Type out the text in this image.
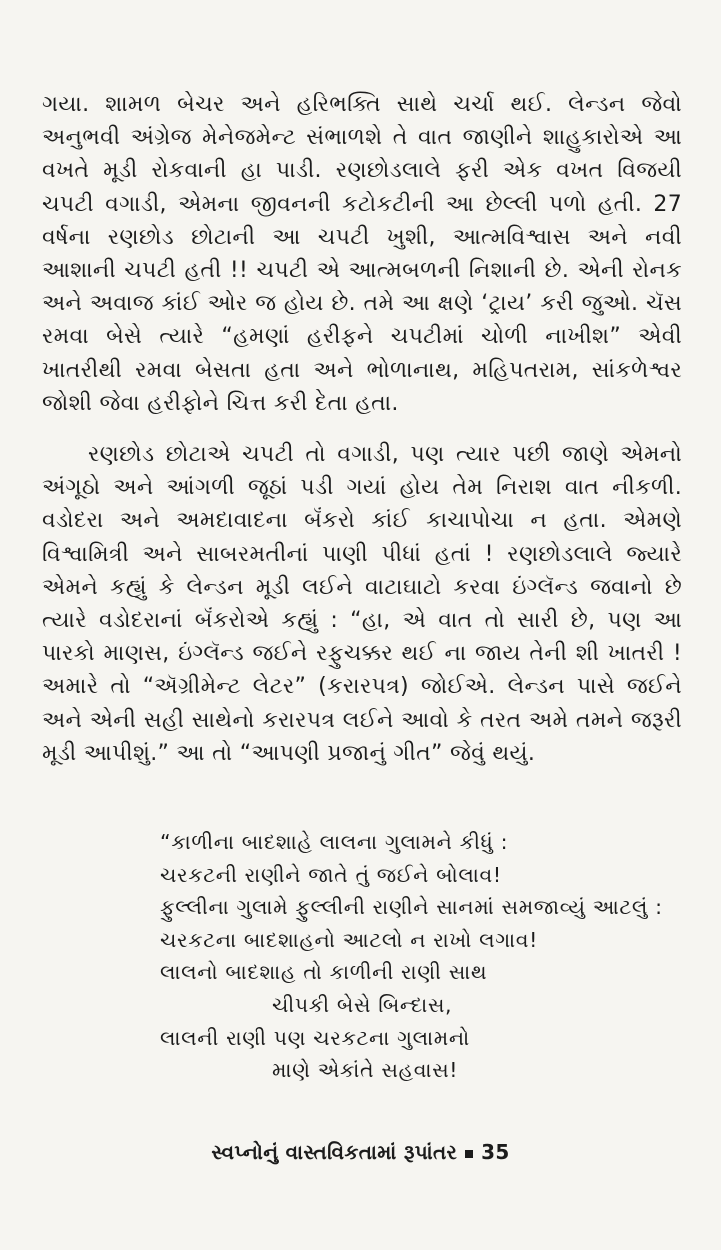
ગયા. શામળ બેચર અને હરિભક્તિ સાથે ચર્ચા થઈ. લેન્ડન જેવો અનુભવી અંગ્રેજ મેનેજમેન્ટ સંભાળશે તે વાત જાણીને શાહુકારોએ આ વખતે મૂડી રોકવાની હા પાડી. રણછોડલાલે ફરી એક વખત વિજયી ચપટી વગાડી, એમના જીવનની કટોકટીની આ છેલ્લી પળો હતી. 27 વર્ષના રણછોડ છોટાની આ ચપટી ખુશી, આત્મવિશ્વાસ અને નવી આશાની ચપટી હતી !! ચપટી એ આત્મબળની નિશાની છે. એની રોનક અને અવાજ કાંઈ ઓર જ હોય છે. તમે આ ક્ષણે ‘ટ્રાય’ કરી જુઓ. ચૅસ રમવા બેસે ત્યારે “હમણાં હરીફને ચપટીમાં ચોળી નાખીશ” એવી ખાતરીથી રમવા બેસતા હતા અને ભોળાનાથ, મહિપતરામ, સાંકળેશ્વર જોશી જેવા હરીફોને ચિત્ત કરી દેતા હતા.

રણછોડ છોટાએ ચપટી તો વગાડી, પણ ત્યાર પછી જાણે એમનો અંગૂઠો અને આંગળી જૂઠાં પડી ગયાં હોય તેમ નિરાશ વાત નીકળી. વડોદરા અને અમદાવાદના બૅંકરો કાંઈ કાચાપોચા ન હતા. એમણે વિશ્વામિત્રી અને સાબરમતીનાં પાણી પીધાં હતાં ! રણછોડલાલે જ્યારે એમને કહ્યું કે લેન્ડન મૂડી લઈને વાટાઘાટો કરવા ઇંગ્લૅન્ડ જવાનો છે ત્યારે વડોદરાનાં બૅંકરોએ કહ્યું : “હા, એ વાત તો સારી છે, પણ આ પારકો માણસ, ઇંગ્લૅન્ડ જઈને રફુચક્કર થઈ ના જાય તેની શી ખાતરી ! અમારે તો “ઍગ્રીમેન્ટ લેટર” (કરારપત્ર) જોઈએ. લેન્ડન પાસે જઈને અને એની સહી સાથેનો કરારપત્ર લઈને આવો કે તરત અમે તમને જરૂરી મૂડી આપીશું.” આ તો “આપણી પ્રજાનું ગીત” જેવું થયું.

“કાળીના બાદશાહે લાલના ગુલામને કીધું :
ચરકટની રાણીને જાતે તું જઈને બોલાવ!
ફુલ્લીના ગુલામે ફુલ્લીની રાણીને સાનમાં સમજાવ્યું આટલું :
ચરકટના બાદશાહનો આટલો ન રાખો લગાવ!
લાલનો બાદશાહ તો કાળીની રાણી સાથ
ચીપકી બેસે બિન્દાસ,
લાલની રાણી પણ ચરકટના ગુલામનો
માણે એકાંતે સહવાસ!
સ્વપ્નોનું વાસ્તવિકતામાં રૂપાંતર 35
